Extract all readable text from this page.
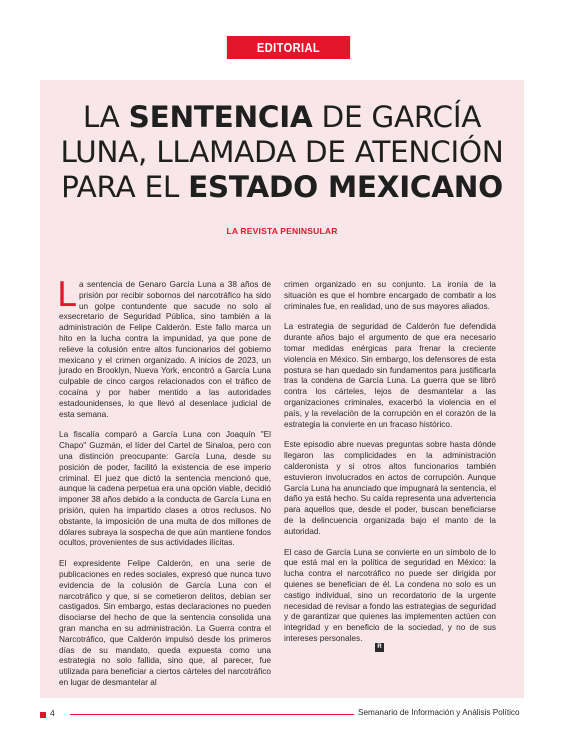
EDITORIAL
LA SENTENCIA DE GARCÍA
LUNA, LLAMADA DE ATENCIÓN
PARA EL ESTADO MEXICANO
LA REVISTA PENINSULAR

La sentencia de Genaro García Luna a 38 años de prisión por recibir sobornos del narcotráfico ha sido un golpe contundente que sacude no solo al exsecretario de Seguridad Pública, sino también a la administración de Felipe Calderón. Este fallo marca un hito en la lucha contra la impunidad, ya que pone de relieve la colusión entre altos funcionarios del gobierno mexicano y el crimen organizado. A inicios de 2023, un jurado en Brooklyn, Nueva York, encontró a García Luna culpable de cinco cargos relacionados con el tráfico de cocaína y por haber mentido a las autoridades estadounidenses, lo que llevó al desenlace judicial de esta semana.

La fiscalía comparó a García Luna con Joaquín "El Chapo" Guzmán, el líder del Cartel de Sinaloa, pero con una distinción preocupante: García Luna, desde su posición de poder, facilitó la existencia de ese imperio criminal. El juez que dictó la sentencia mencionó que, aunque la cadena perpetua era una opción viable, decidió imponer 38 años debido a la conducta de García Luna en prisión, quien ha impartido clases a otros reclusos. No obstante, la imposición de una multa de dos millones de dólares subraya la sospecha de que aún mantiene fondos ocultos, provenientes de sus actividades ilícitas.

El expresidente Felipe Calderón, en una serie de publicaciones en redes sociales, expresó que nunca tuvo evidencia de la colusión de García Luna con el narcotráfico y que, si se cometieron delitos, debían ser castigados. Sin embargo, estas declaraciones no pueden disociarse del hecho de que la sentencia consolida una gran mancha en su administración. La Guerra contra el Narcotráfico, que Calderón impulsó desde los primeros días de su mandato, queda expuesta como una estrategia no solo fallida, sino que, al parecer, fue utilizada para beneficiar a ciertos cárteles del narcotráfico en lugar de desmantelar al

crimen organizado en su conjunto. La ironía de la situación es que el hombre encargado de combatir a los criminales fue, en realidad, uno de sus mayores aliados.

La estrategia de seguridad de Calderón fue defendida durante años bajo el argumento de que era necesario tomar medidas enérgicas para frenar la creciente violencia en México. Sin embargo, los defensores de esta postura se han quedado sin fundamentos para justificarla tras la condena de García Luna. La guerra que se libró contra los cárteles, lejos de desmantelar a las organizaciones criminales, exacerbó la violencia en el país, y la revelación de la corrupción en el corazón de la estrategia la convierte en un fracaso histórico.

Este episodio abre nuevas preguntas sobre hasta dónde llegaron las complicidades en la administración calderonista y si otros altos funcionarios también estuvieron involucrados en actos de corrupción. Aunque García Luna ha anunciado que impugnará la sentencia, el daño ya está hecho. Su caída representa una advertencia para aquellos que, desde el poder, buscan beneficiarse de la delincuencia organizada bajo el manto de la autoridad.

El caso de García Luna se convierte en un símbolo de lo que está mal en la política de seguridad en México: la lucha contra el narcotráfico no puede ser dirigida por quienes se benefician de él. La condena no solo es un castigo individual, sino un recordatorio de la urgente necesidad de revisar a fondo las estrategias de seguridad y de garantizar que quienes las implementen actúen con integridad y en beneficio de la sociedad, y no de sus intereses personales.

R
4	Semanario de Información y Análisis Político
